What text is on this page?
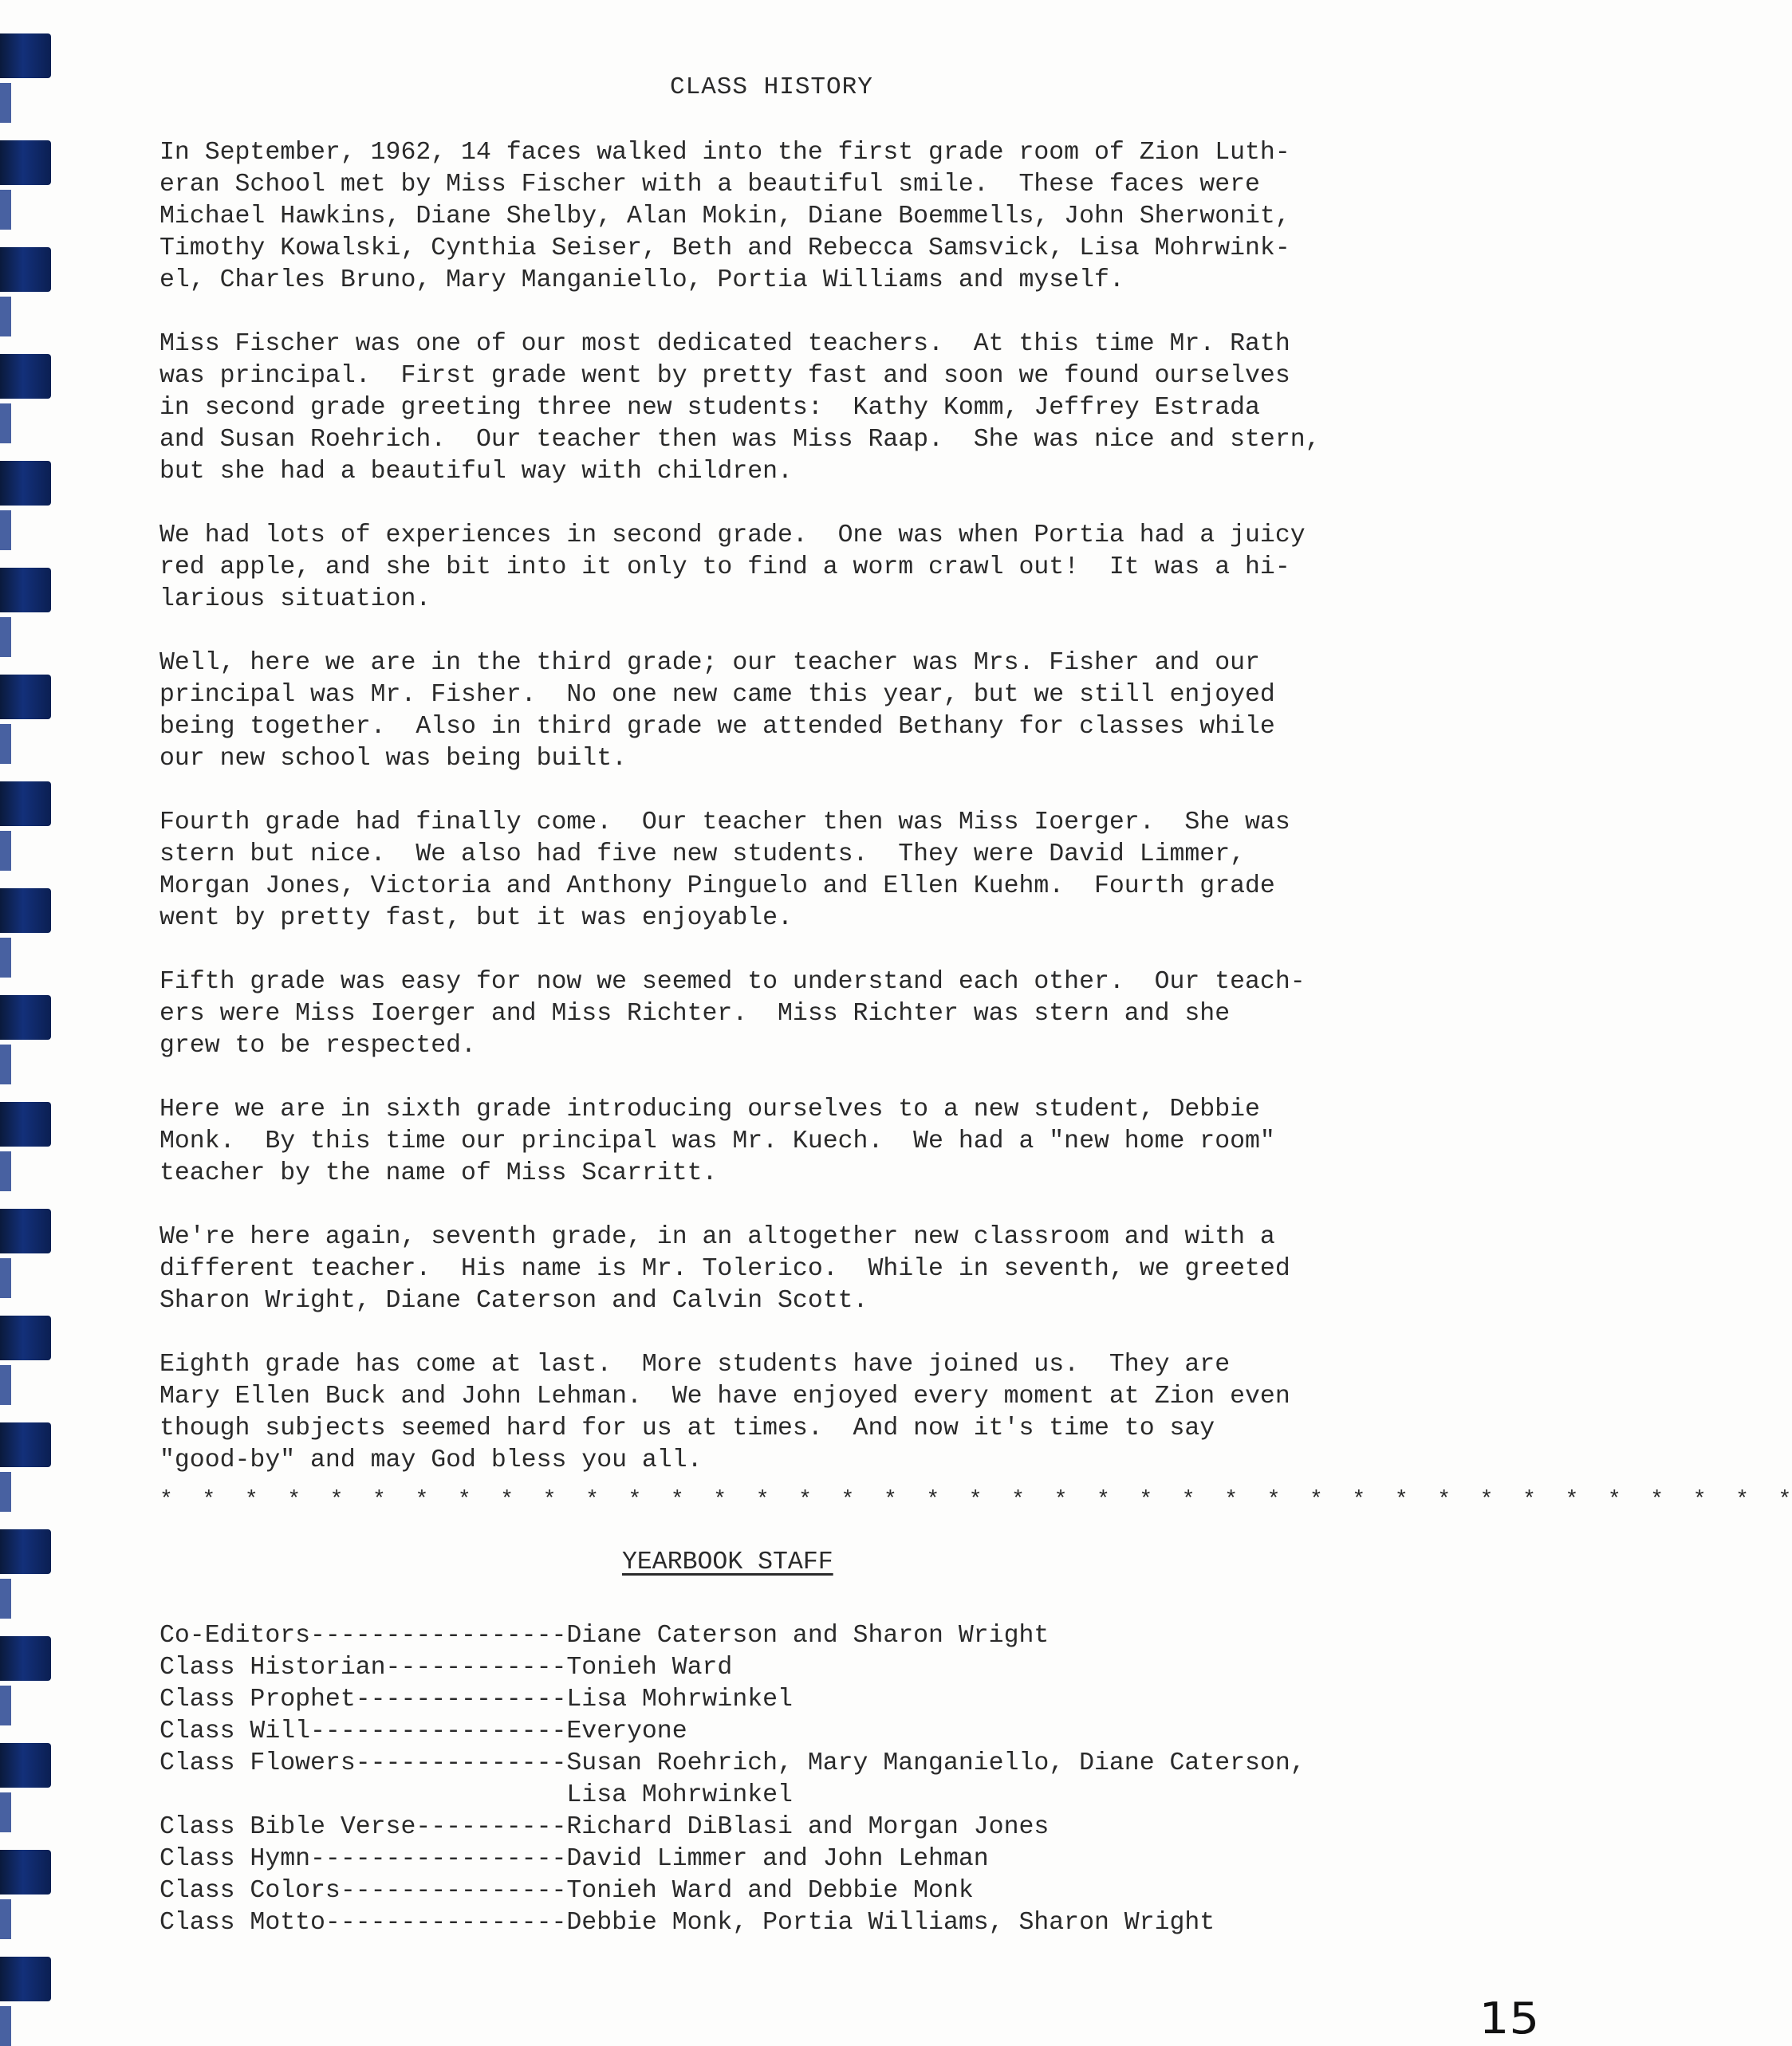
CLASS HISTORY

In September, 1962, 14 faces walked into the first grade room of Zion Luth-
eran School met by Miss Fischer with a beautiful smile.  These faces were
Michael Hawkins, Diane Shelby, Alan Mokin, Diane Boemmells, John Sherwonit,
Timothy Kowalski, Cynthia Seiser, Beth and Rebecca Samsvick, Lisa Mohrwink-
el, Charles Bruno, Mary Manganiello, Portia Williams and myself.

Miss Fischer was one of our most dedicated teachers.  At this time Mr. Rath
was principal.  First grade went by pretty fast and soon we found ourselves
in second grade greeting three new students:  Kathy Komm, Jeffrey Estrada
and Susan Roehrich.  Our teacher then was Miss Raap.  She was nice and stern,
but she had a beautiful way with children.

We had lots of experiences in second grade.  One was when Portia had a juicy
red apple, and she bit into it only to find a worm crawl out!  It was a hi-
larious situation.

Well, here we are in the third grade; our teacher was Mrs. Fisher and our
principal was Mr. Fisher.  No one new came this year, but we still enjoyed
being together.  Also in third grade we attended Bethany for classes while
our new school was being built.

Fourth grade had finally come.  Our teacher then was Miss Ioerger.  She was
stern but nice.  We also had five new students.  They were David Limmer,
Morgan Jones, Victoria and Anthony Pinguelo and Ellen Kuehm.  Fourth grade
went by pretty fast, but it was enjoyable.

Fifth grade was easy for now we seemed to understand each other.  Our teach-
ers were Miss Ioerger and Miss Richter.  Miss Richter was stern and she
grew to be respected.

Here we are in sixth grade introducing ourselves to a new student, Debbie
Monk.  By this time our principal was Mr. Kuech.  We had a "new home room"
teacher by the name of Miss Scarritt.

We're here again, seventh grade, in an altogether new classroom and with a
different teacher.  His name is Mr. Tolerico.  While in seventh, we greeted
Sharon Wright, Diane Caterson and Calvin Scott.

Eighth grade has come at last.  More students have joined us.  They are
Mary Ellen Buck and John Lehman.  We have enjoyed every moment at Zion even
though subjects seemed hard for us at times.  And now it's time to say
"good-by" and may God bless you all.

*  *  *  *  *  *  *  *  *  *  *  *  *  *  *  *  *  *  *  *  *  *  *  *  *  *  *  *  *  *  *  *  *  *  *  *  *  *  *
YEARBOOK STAFF
Co-Editors-----------------Diane Caterson and Sharon Wright
Class Historian------------Tonieh Ward
Class Prophet--------------Lisa Mohrwinkel
Class Will-----------------Everyone
Class Flowers--------------Susan Roehrich, Mary Manganiello, Diane Caterson,
Lisa Mohrwinkel
Class Bible Verse----------Richard DiBlasi and Morgan Jones
Class Hymn-----------------David Limmer and John Lehman
Class Colors---------------Tonieh Ward and Debbie Monk
Class Motto----------------Debbie Monk, Portia Williams, Sharon Wright
15
